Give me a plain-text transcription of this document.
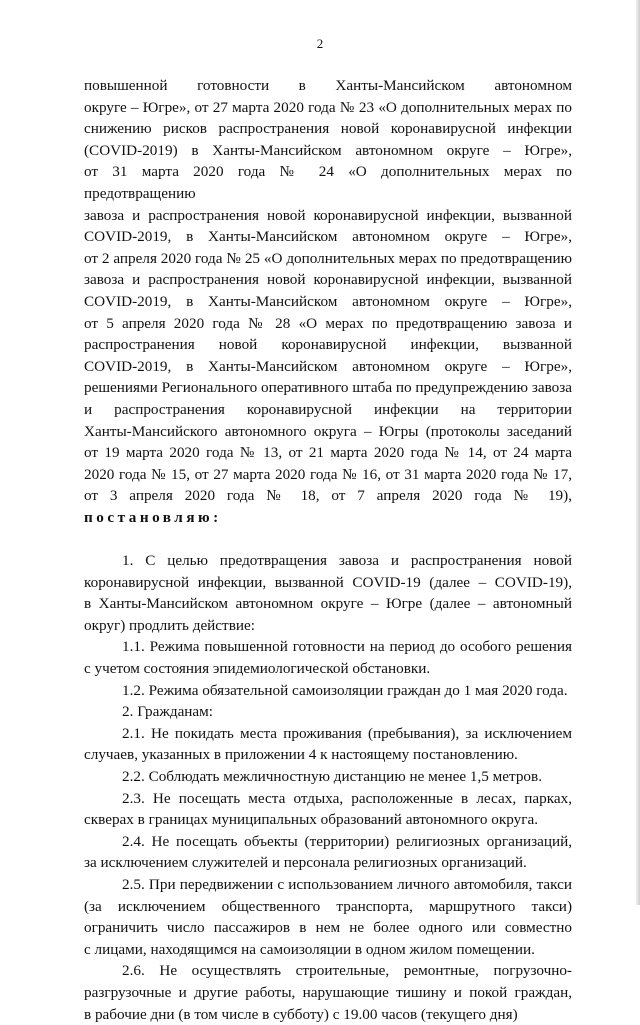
2

повышенной готовности в Ханты-Мансийском автономном

округе – Югре», от 27 марта 2020 года № 23 «О дополнительных мерах по

снижению рисков распространения новой коронавирусной инфекции

(COVID-2019) в Ханты-Мансийском автономном округе – Югре»,

от 31 марта 2020 года № 24 «О дополнительных мерах по предотвращению

завоза и распространения новой коронавирусной инфекции, вызванной

COVID-2019, в Ханты-Мансийском автономном округе – Югре»,

от 2 апреля 2020 года № 25 «О дополнительных мерах по предотвращению

завоза и распространения новой коронавирусной инфекции, вызванной

COVID-2019, в Ханты-Мансийском автономном округе – Югре»,

от 5 апреля 2020 года № 28 «О мерах по предотвращению завоза и

распространения новой коронавирусной инфекции, вызванной

COVID-2019, в Ханты-Мансийском автономном округе – Югре»,

решениями Регионального оперативного штаба по предупреждению завоза

и распространения коронавирусной инфекции на территории

Ханты-Мансийского автономного округа – Югры (протоколы заседаний

от 19 марта 2020 года № 13, от 21 марта 2020 года № 14, от 24 марта

2020 года № 15, от 27 марта 2020 года № 16, от 31 марта 2020 года № 17,

от 3 апреля 2020 года № 18, от 7 апреля 2020 года № 19),

постановляю:

1. С целью предотвращения завоза и распространения новой

коронавирусной инфекции, вызванной COVID-19 (далее – COVID-19),

в Ханты-Мансийском автономном округе – Югре (далее – автономный

округ) продлить действие:

1.1. Режима повышенной готовности на период до особого решения

с учетом состояния эпидемиологической обстановки.

1.2. Режима обязательной самоизоляции граждан до 1 мая 2020 года.

2. Гражданам:

2.1. Не покидать места проживания (пребывания), за исключением

случаев, указанных в приложении 4 к настоящему постановлению.

2.2. Соблюдать межличностную дистанцию не менее 1,5 метров.

2.3. Не посещать места отдыха, расположенные в лесах, парках,

скверах в границах муниципальных образований автономного округа.

2.4. Не посещать объекты (территории) религиозных организаций,

за исключением служителей и персонала религиозных организаций.

2.5. При передвижении с использованием личного автомобиля, такси

(за исключением общественного транспорта, маршрутного такси)

ограничить число пассажиров в нем не более одного или совместно

с лицами, находящимся на самоизоляции в одном жилом помещении.

2.6. Не осуществлять строительные, ремонтные, погрузочно-

разгрузочные и другие работы, нарушающие тишину и покой граждан,

в рабочие дни (в том числе в субботу) с 19.00 часов (текущего дня)
